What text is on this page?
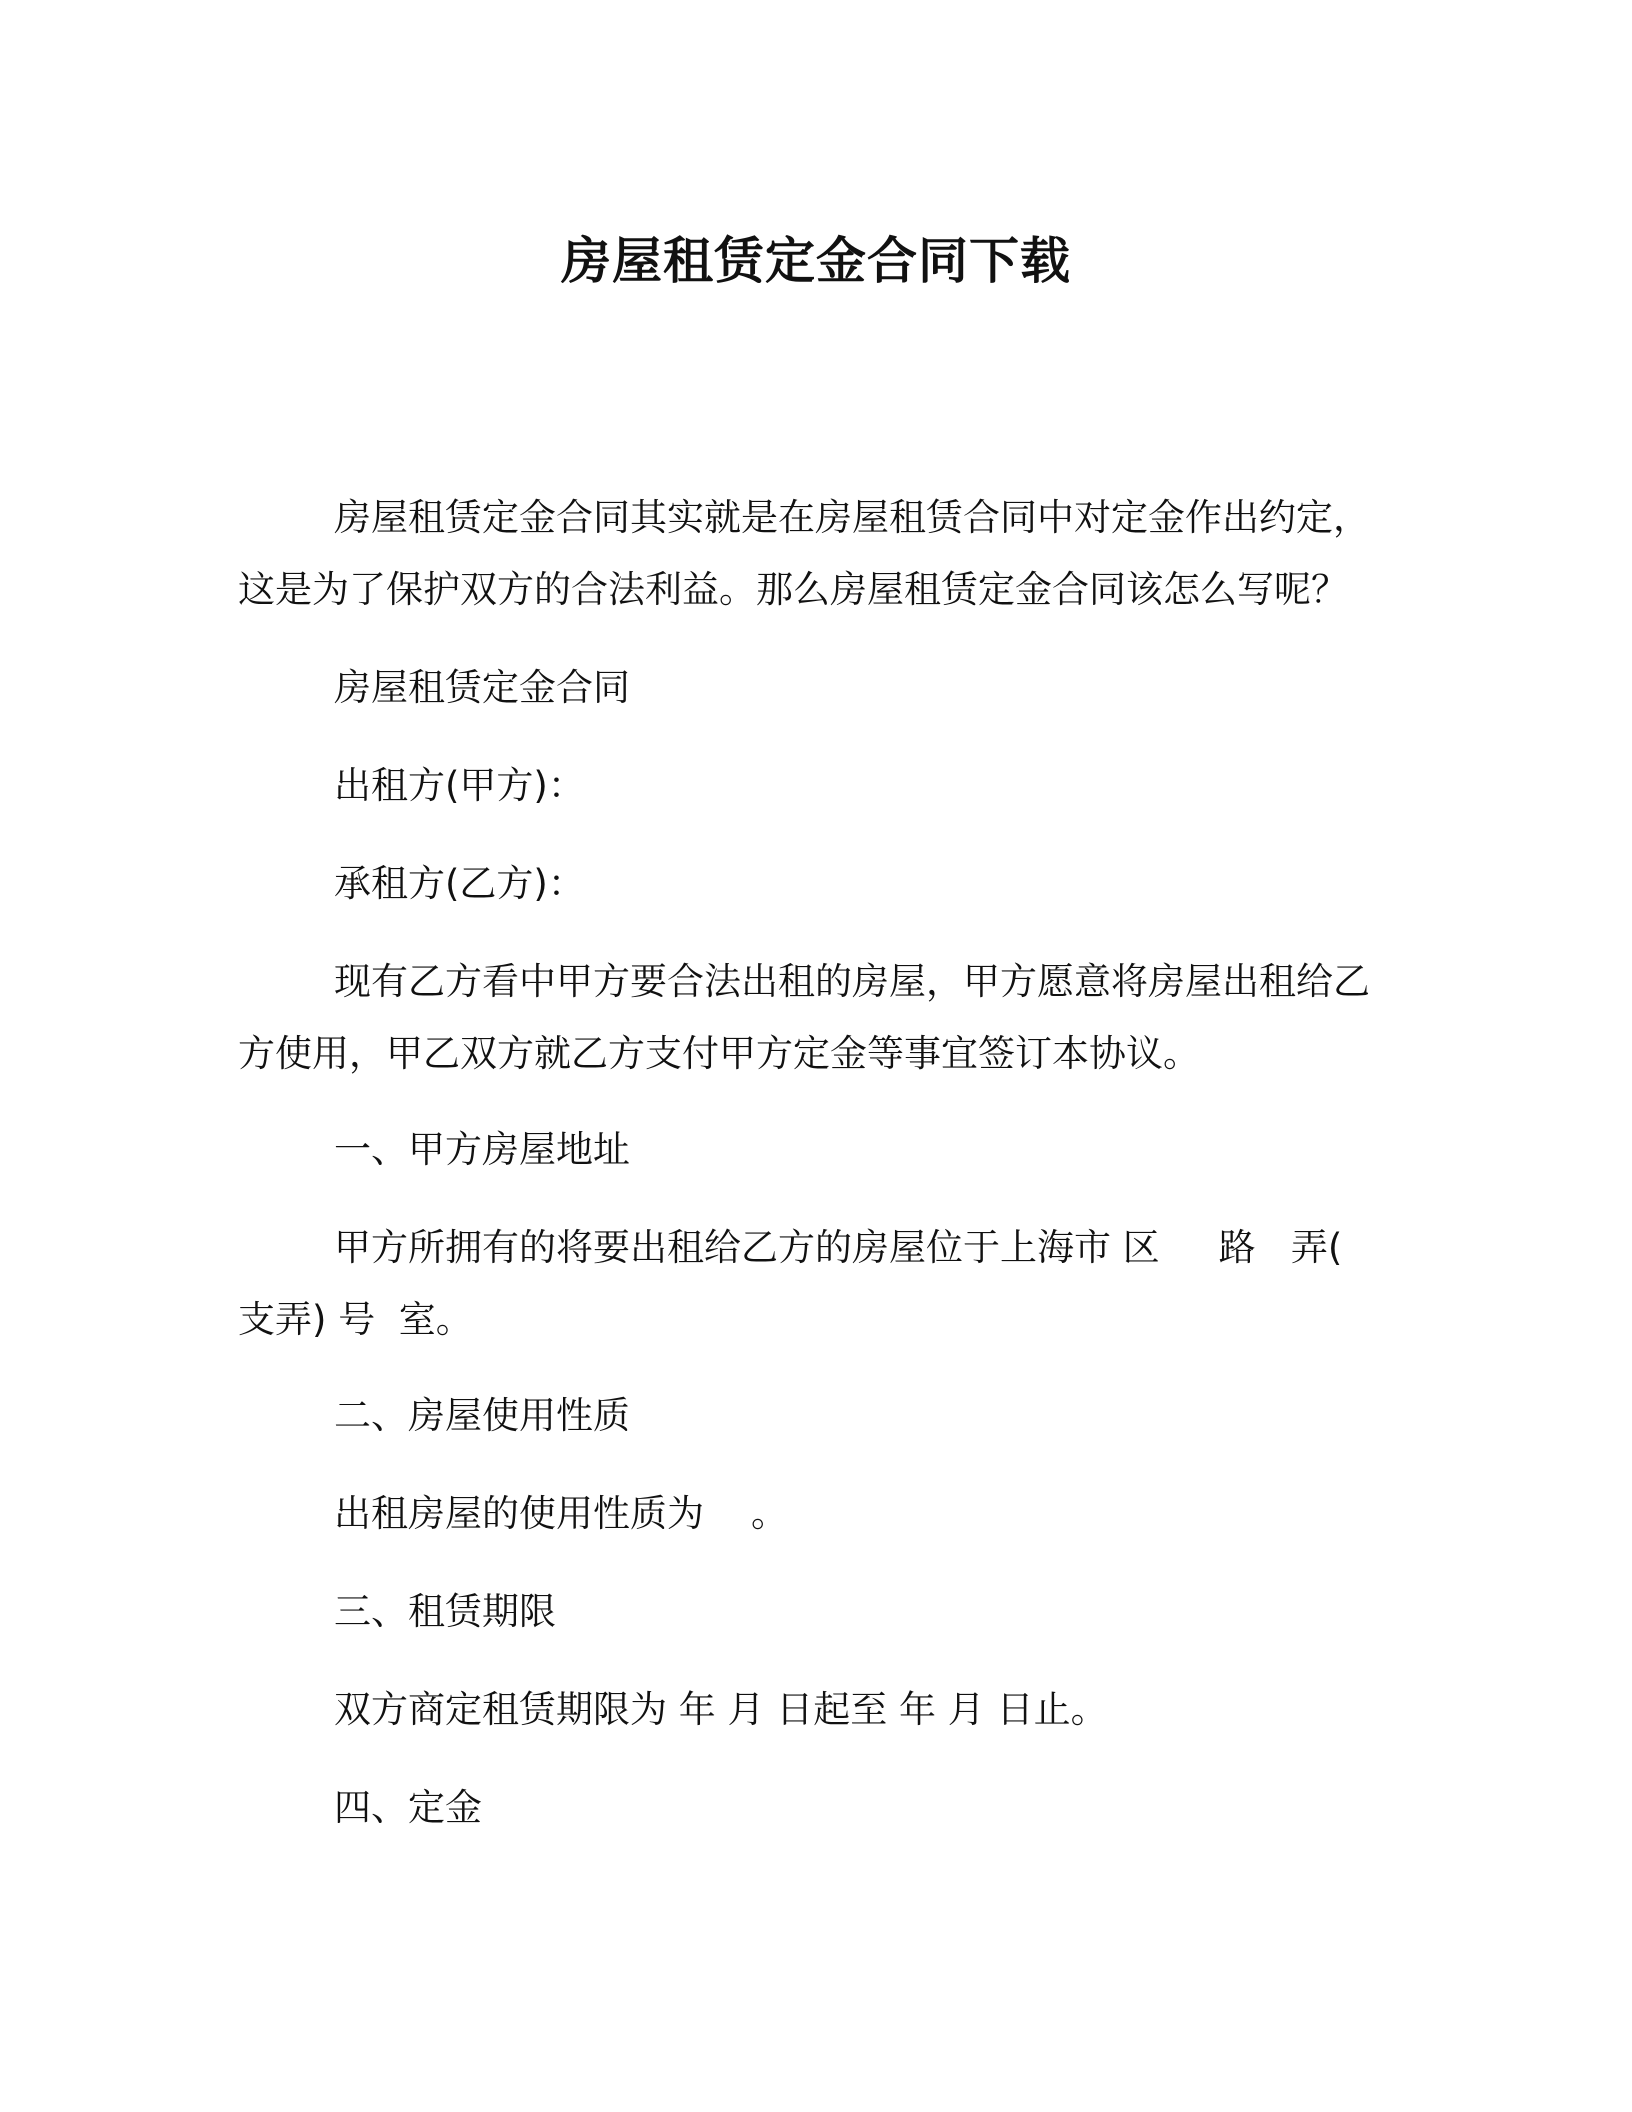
房屋租赁定金合同下载
房屋租赁定金合同其实就是在房屋租赁合同中对定金作出约定，
这是为了保护双方的合法利益。那么房屋租赁定金合同该怎么写呢？
房屋租赁定金合同
出租方(甲方)：
承租方(乙方)：
现有乙方看中甲方要合法出租的房屋，甲方愿意将房屋出租给乙
方使用，甲乙双方就乙方支付甲方定金等事宜签订本协议。
一、甲方房屋地址
甲方所拥有的将要出租给乙方的房屋位于上海市 区     路   弄(
支弄) 号  室。
二、房屋使用性质
出租房屋的使用性质为    。
三、租赁期限
双方商定租赁期限为 年 月 日起至 年 月 日止。
四、定金
